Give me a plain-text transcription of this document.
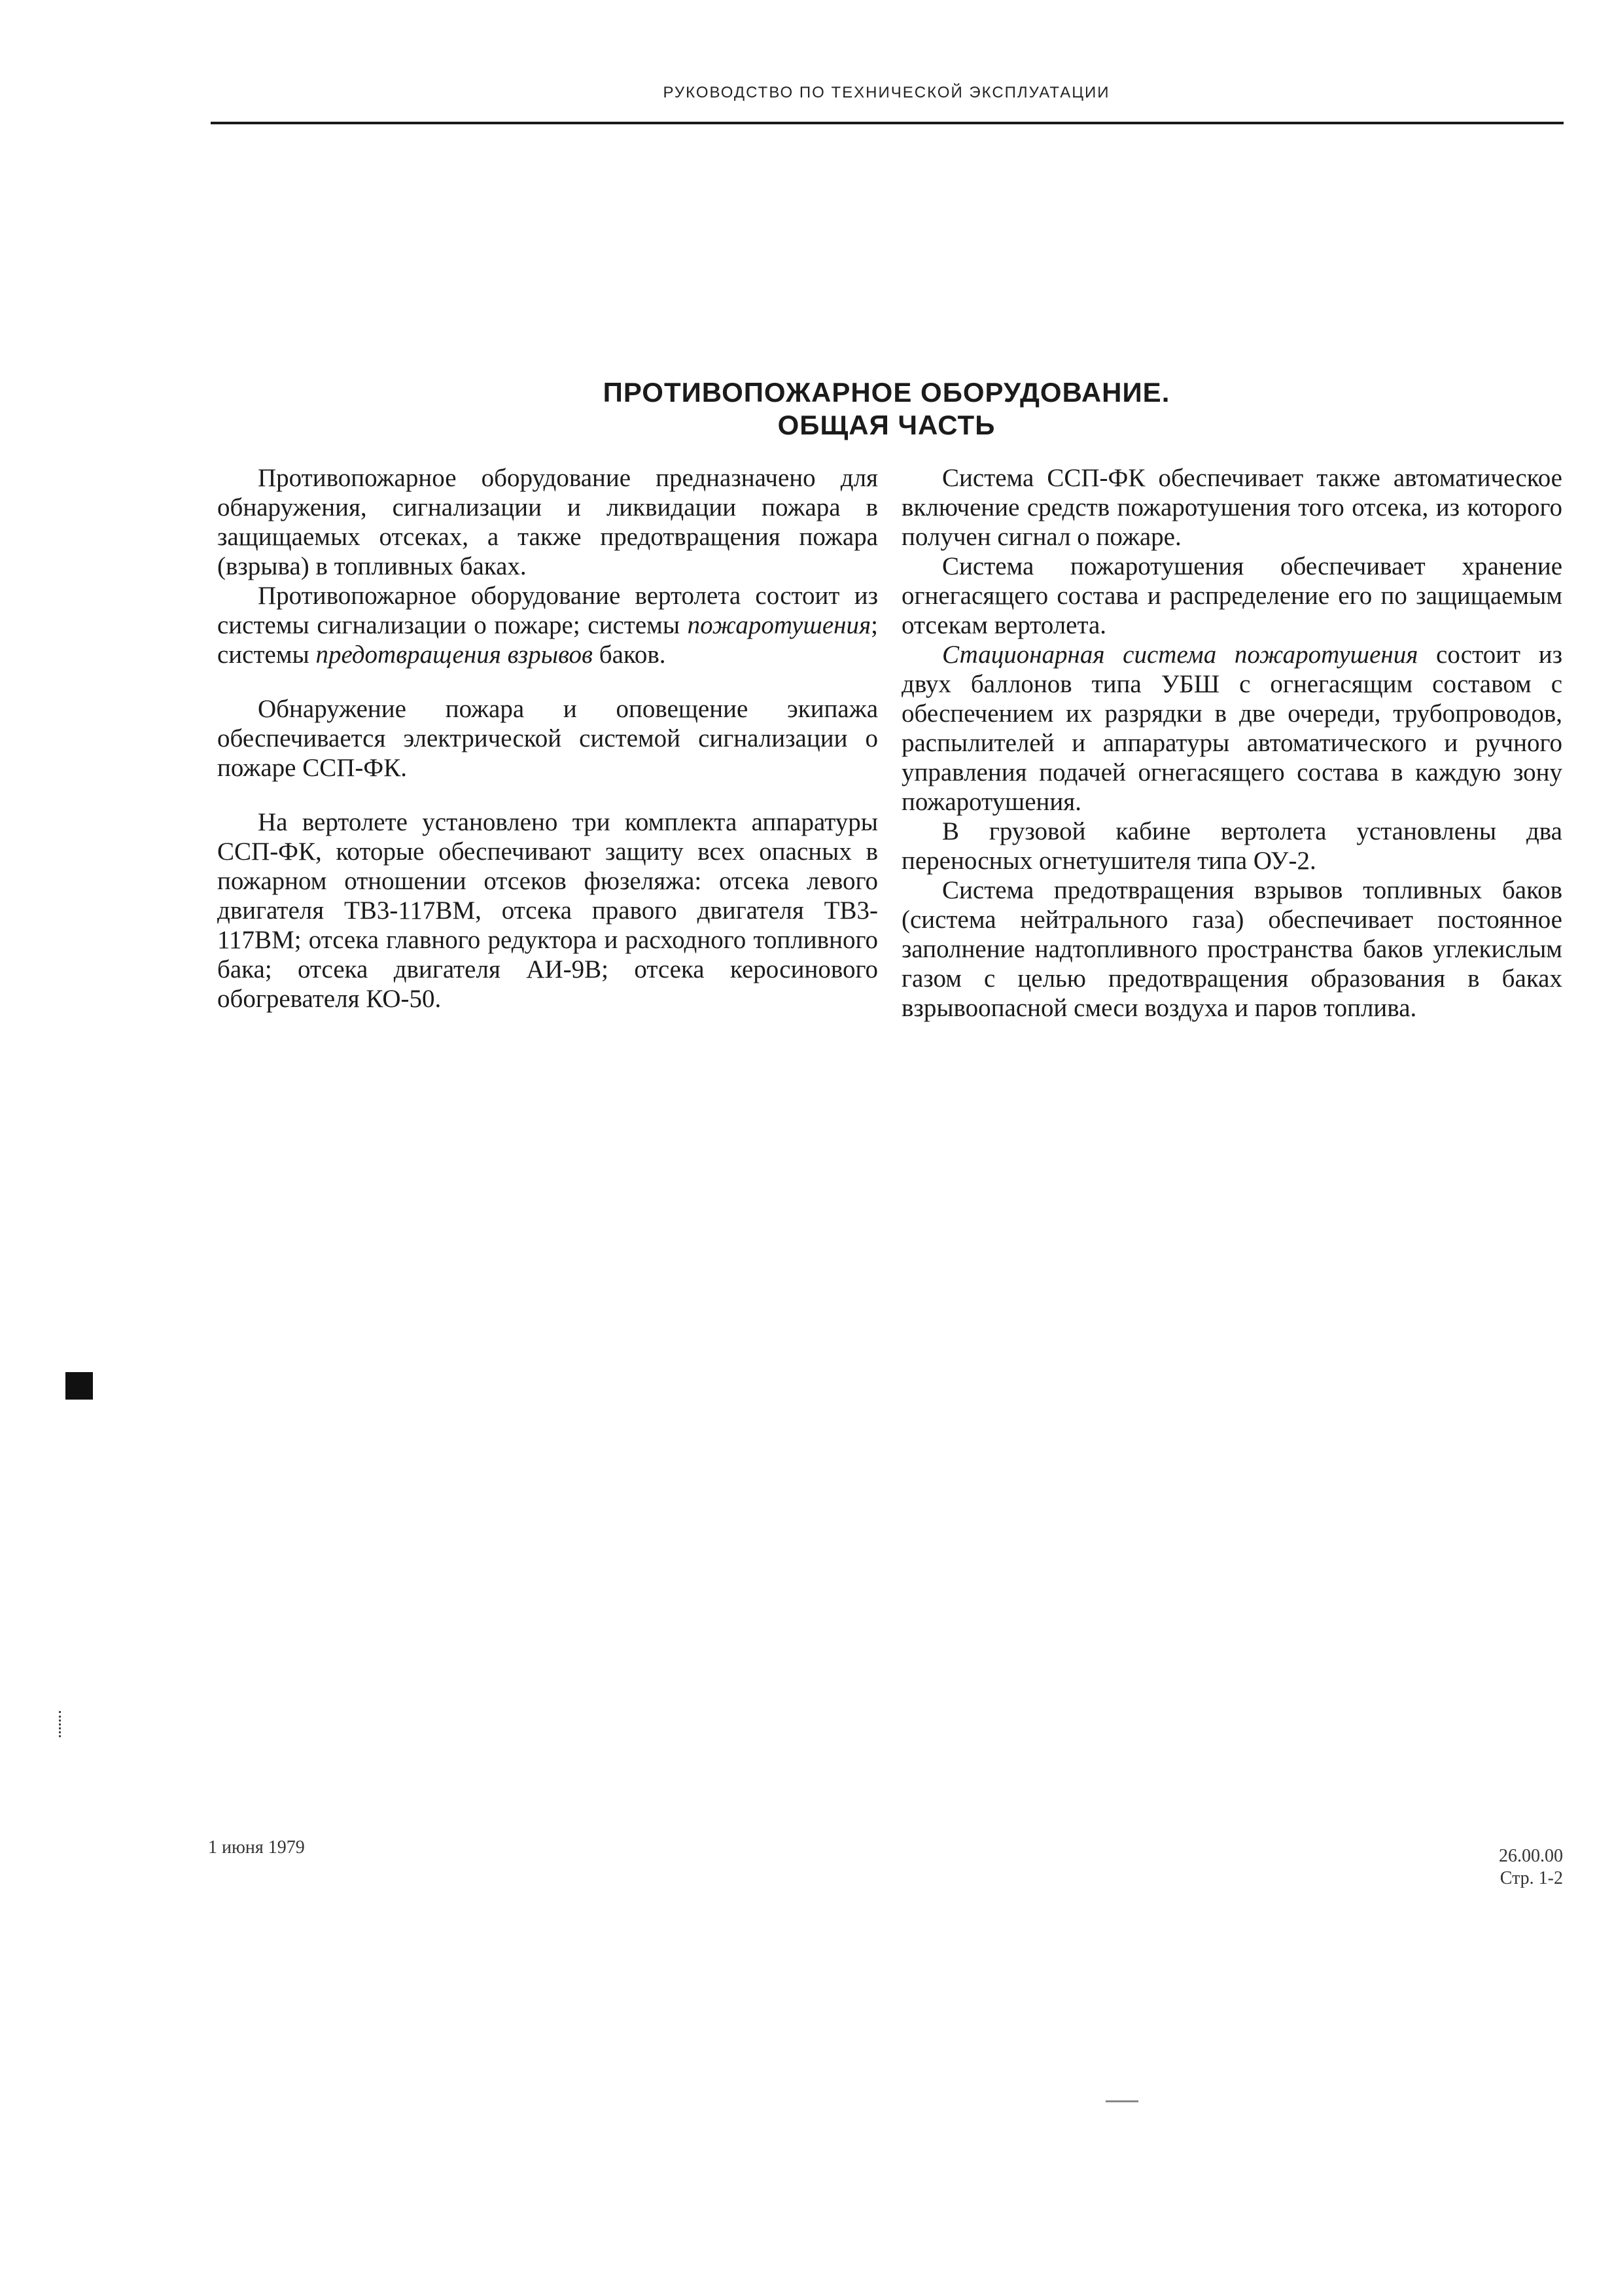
РУКОВОДСТВО ПО ТЕХНИЧЕСКОЙ ЭКСПЛУАТАЦИИ
ПРОТИВОПОЖАРНОЕ ОБОРУДОВАНИЕ.
ОБЩАЯ ЧАСТЬ

Противопожарное оборудование предназначено для обнаружения, сигнализации и ликвидации пожара в защищаемых отсеках, а также предотвращения пожара (взрыва) в топливных баках.

Противопожарное оборудование вертолета состоит из системы сигнализации о пожаре; системы пожаротушения; системы предотвращения взрывов баков.

Обнаружение пожара и оповещение экипажа обеспечивается электрической системой сигнализации о пожаре ССП-ФК.

На вертолете установлено три комплекта аппаратуры ССП-ФК, которые обеспечивают защиту всех опасных в пожарном отношении отсеков фюзеляжа: отсека левого двигателя ТВ3-117ВМ, отсека правого двигателя ТВ3-117ВМ; отсека главного редуктора и расходного топливного бака; отсека двигателя АИ-9В; отсека керосинового обогревателя КО-50.

Система ССП-ФК обеспечивает также автоматическое включение средств пожаротушения того отсека, из которого получен сигнал о пожаре.

Система пожаротушения обеспечивает хранение огнегасящего состава и распределение его по защищаемым отсекам вертолета.

Стационарная система пожаротушения состоит из двух баллонов типа УБШ с огнегасящим составом с обеспечением их разрядки в две очереди, трубопроводов, распылителей и аппаратуры автоматического и ручного управления подачей огнегасящего состава в каждую зону пожаротушения.

В грузовой кабине вертолета установлены два переносных огнетушителя типа ОУ-2.

Система предотвращения взрывов топливных баков (система нейтрального газа) обеспечивает постоянное заполнение надтопливного пространства баков углекислым газом с целью предотвращения образования в баках взрывоопасной смеси воздуха и паров топлива.

1 июня 1979	26.00.00
Стр. 1-2
